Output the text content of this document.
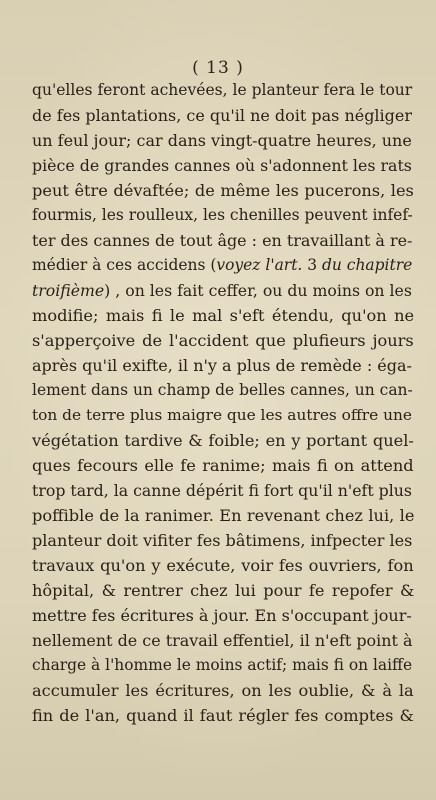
( 13 )
qu'elles feront achevées, le planteur fera le tour
de fes plantations, ce qu'il ne doit pas négliger
un feul jour; car dans vingt-quatre heures, une
pièce de grandes cannes où s'adonnent les rats
peut être dévaftée; de même les pucerons, les
fourmis, les roulleux, les chenilles peuvent infef-
ter des cannes de tout âge : en travaillant à re-
médier à ces accidens (voyez l'art. 3 du chapitre
troifième) , on les fait ceffer, ou du moins on les
modifie; mais fi le mal s'eft étendu, qu'on ne
s'apperçoive de l'accident que plufieurs jours
après qu'il exifte, il n'y a plus de remède : éga-
lement dans un champ de belles cannes, un can-
ton de terre plus maigre que les autres offre une
végétation tardive & foible; en y portant quel-
ques fecours elle fe ranime; mais fi on attend
trop tard, la canne dépérit fi fort qu'il n'eft plus
poffible de la ranimer. En revenant chez lui, le
planteur doit vifiter fes bâtimens, infpecter les
travaux qu'on y exécute, voir fes ouvriers, fon
hôpital, & rentrer chez lui pour fe repofer &
mettre fes écritures à jour. En s'occupant jour-
nellement de ce travail effentiel, il n'eft point à
charge à l'homme le moins actif; mais fi on laiffe
accumuler les écritures, on les oublie, & à la
fin de l'an, quand il faut régler fes comptes &
